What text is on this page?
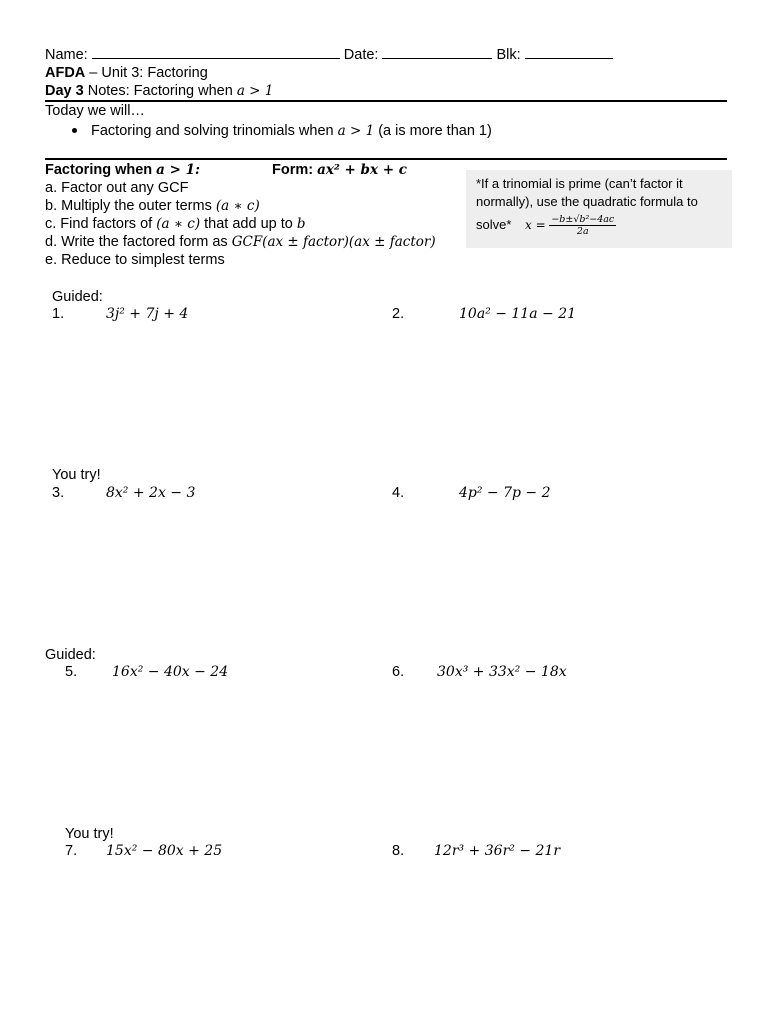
Name:	Date:	Blk:
AFDA – Unit 3: Factoring
Day 3 Notes: Factoring when a > 1
Today we will…
Factoring and solving trinomials when a > 1 (a is more than 1)
Factoring when a > 1:	Form: ax² + bx + c
a. Factor out any GCF
b. Multiply the outer terms (a ∗ c)
c. Find factors of (a ∗ c) that add up to b
d. Write the factored form as GCF(ax ± factor)(ax ± factor)
e. Reduce to simplest terms
*If a trinomial is prime (can’t factor it
normally), use the quadratic formula to
solve* $x = \frac{\text{−b±√b²−4ac}}{2a}$
Guided:
You try!
Guided:
You try!
1.	3j² + 7j + 4	2.	10a² − 11a − 21
3.	8x² + 2x − 3	4.	4p² − 7p − 2
5. 16x² − 40x − 24	6. 30x³ + 33x² − 18x
7. 15x² − 80x + 25	8. 12r³ + 36r² − 21r
